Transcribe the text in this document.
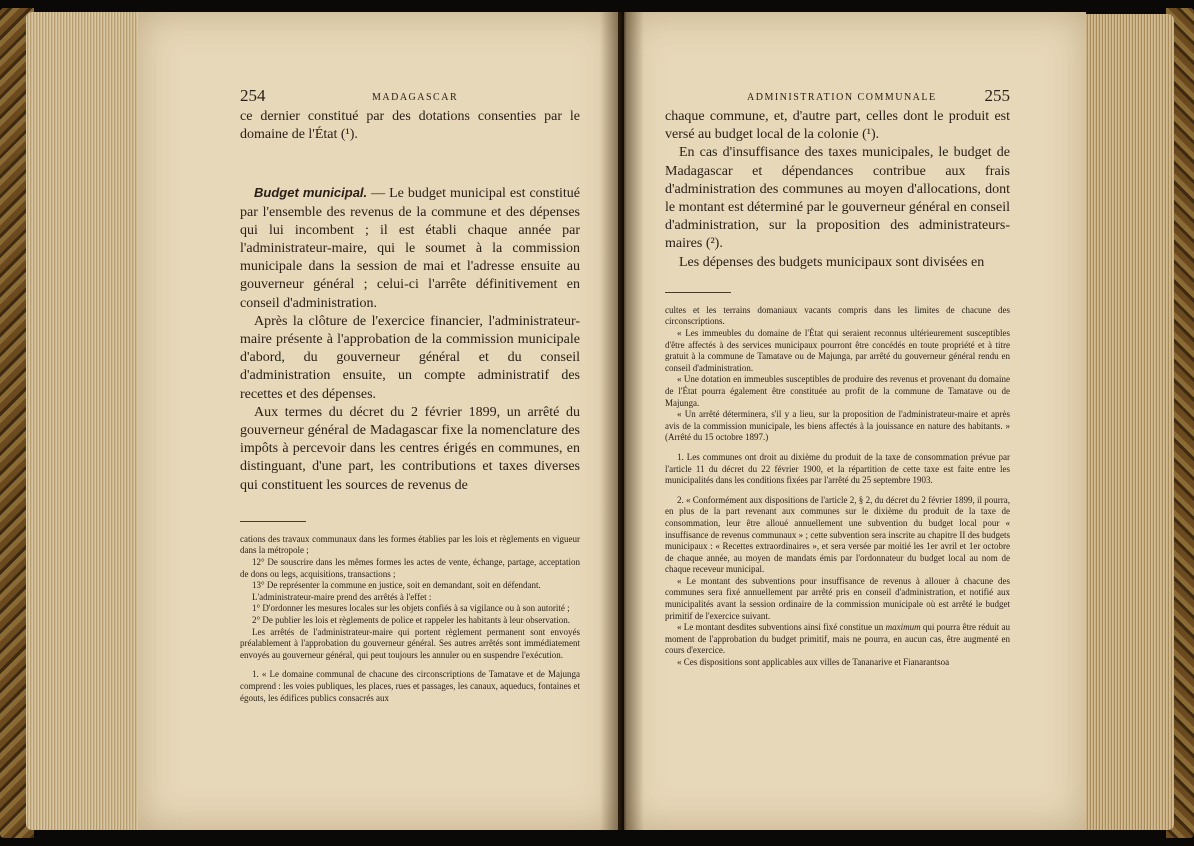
254	MADAGASCAR

ce dernier constitué par des dotations consenties par le domaine de l'État (¹).

Budget municipal. — Le budget municipal est constitué par l'ensemble des revenus de la commune et des dépenses qui lui incombent ; il est établi chaque année par l'administrateur-maire, qui le soumet à la commission municipale dans la session de mai et l'adresse ensuite au gouverneur général ; celui-ci l'arrête définitivement en conseil d'administration.

Après la clôture de l'exercice financier, l'administrateur-maire présente à l'approbation de la commission municipale d'abord, du gouverneur général et du conseil d'administration ensuite, un compte administratif des recettes et des dépenses.

Aux termes du décret du 2 février 1899, un arrêté du gouverneur général de Madagascar fixe la nomenclature des impôts à percevoir dans les centres érigés en communes, en distinguant, d'une part, les contributions et taxes diverses qui constituent les sources de revenus de

cations des travaux communaux dans les formes établies par les lois et règlements en vigueur dans la métropole ;

12° De souscrire dans les mêmes formes les actes de vente, échange, partage, acceptation de dons ou legs, acquisitions, transactions ;

13° De représenter la commune en justice, soit en demandant, soit en défendant.

L'administrateur-maire prend des arrêtés à l'effet :

1° D'ordonner les mesures locales sur les objets confiés à sa vigilance ou à son autorité ;

2° De publier les lois et règlements de police et rappeler les habitants à leur observation.

Les arrêtés de l'administrateur-maire qui portent règlement permanent sont envoyés préalablement à l'approbation du gouverneur général. Ses autres arrêtés sont immédiatement envoyés au gouverneur général, qui peut toujours les annuler ou en suspendre l'exécution.

1. « Le domaine communal de chacune des circonscriptions de Tamatave et de Majunga comprend : les voies publiques, les places, rues et passages, les canaux, aqueducs, fontaines et égouts, les édifices publics consacrés aux

ADMINISTRATION COMMUNALE	255

chaque commune, et, d'autre part, celles dont le produit est versé au budget local de la colonie (¹).

En cas d'insuffisance des taxes municipales, le budget de Madagascar et dépendances contribue aux frais d'administration des communes au moyen d'allocations, dont le montant est déterminé par le gouverneur général en conseil d'administration, sur la proposition des administrateurs-maires (²).

Les dépenses des budgets municipaux sont divisées en

cultes et les terrains domaniaux vacants compris dans les limites de chacune des circonscriptions.

« Les immeubles du domaine de l'État qui seraient reconnus ultérieurement susceptibles d'être affectés à des services municipaux pourront être concédés en toute propriété et à titre gratuit à la commune de Tamatave ou de Majunga, par arrêté du gouverneur général rendu en conseil d'administration.

« Une dotation en immeubles susceptibles de produire des revenus et provenant du domaine de l'État pourra également être constituée au profit de la commune de Tamatave ou de Majunga.

« Un arrêté déterminera, s'il y a lieu, sur la proposition de l'administrateur-maire et après avis de la commission municipale, les biens affectés à la jouissance en nature des habitants. » (Arrêté du 15 octobre 1897.)

1. Les communes ont droit au dixième du produit de la taxe de consommation prévue par l'article 11 du décret du 22 février 1900, et la répartition de cette taxe est faite entre les municipalités dans les conditions fixées par l'arrêté du 25 septembre 1903.

2. « Conformément aux dispositions de l'article 2, § 2, du décret du 2 février 1899, il pourra, en plus de la part revenant aux communes sur le dixième du produit de la taxe de consommation, leur être alloué annuellement une subvention du budget local pour « insuffisance de revenus communaux » ; cette subvention sera inscrite au chapitre II des budgets municipaux : « Recettes extraordinaires », et sera versée par moitié les 1er avril et 1er octobre de chaque année, au moyen de mandats émis par l'ordonnateur du budget local au nom de chaque receveur municipal.

« Le montant des subventions pour insuffisance de revenus à allouer à chacune des communes sera fixé annuellement par arrêté pris en conseil d'administration, et notifié aux municipalités avant la session ordinaire de la commission municipale où est arrêté le budget primitif de l'exercice suivant.

« Le montant desdites subventions ainsi fixé constitue un maximum qui pourra être réduit au moment de l'approbation du budget primitif, mais ne pourra, en aucun cas, être augmenté en cours d'exercice.

« Ces dispositions sont applicables aux villes de Tananarive et Fianarantsoa
